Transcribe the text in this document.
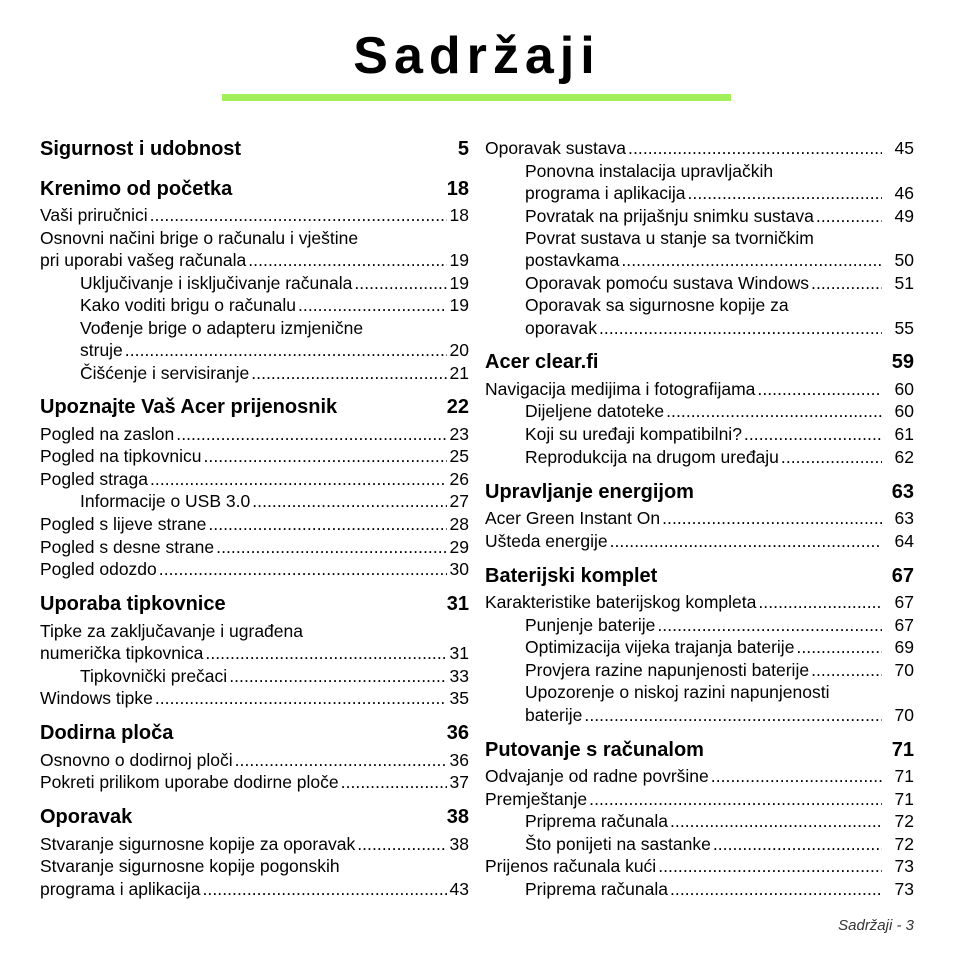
Sadržaji
Sigurnost i udobnost	5
Krenimo od početka	18
Vaši priručnici . . .	18
Osnovni načini brige o računalu i vještine
pri uporabi vašeg računala . . .	19
Uključivanje i isključivanje računala . . .	19
Kako voditi brigu o računalu . . .	19
Vođenje brige o adapteru izmjenične
struje . . .	20
Čišćenje i servisiranje . . .	21
Upoznajte Vaš Acer prijenosnik	22
Pogled na zaslon . . .	23
Pogled na tipkovnicu . . .	25
Pogled straga . . .	26
Informacije o USB 3.0 . . .	27
Pogled s lijeve strane . . .	28
Pogled s desne strane . . .	29
Pogled odozdo . . .	30
Uporaba tipkovnice	31
Tipke za zaključavanje i ugrađena
numerička tipkovnica . . .	31
Tipkovnički prečaci . . .	33
Windows tipke . . .	35
Dodirna ploča	36
Osnovno o dodirnoj ploči . . .	36
Pokreti prilikom uporabe dodirne ploče . . .	37
Oporavak	38
Stvaranje sigurnosne kopije za oporavak . . .	38
Stvaranje sigurnosne kopije pogonskih
programa i aplikacija . . .	43
Oporavak sustava . . .	45
Ponovna instalacija upravljačkih
programa i aplikacija . . .	46
Povratak na prijašnju snimku sustava . . .	49
Povrat sustava u stanje sa tvorničkim
postavkama . . .	50
Oporavak pomoću sustava Windows . . .	51
Oporavak sa sigurnosne kopije za
oporavak . . .	55
Acer clear.fi	59
Navigacija medijima i fotografijama . . .	60
Dijeljene datoteke . . .	60
Koji su uređaji kompatibilni? . . .	61
Reprodukcija na drugom uređaju . . .	62
Upravljanje energijom	63
Acer Green Instant On . . .	63
Ušteda energije . . .	64
Baterijski komplet	67
Karakteristike baterijskog kompleta . . .	67
Punjenje baterije . . .	67
Optimizacija vijeka trajanja baterije . . .	69
Provjera razine napunjenosti baterije . . .	70
Upozorenje o niskoj razini napunjenosti
baterije . . .	70
Putovanje s računalom	71
Odvajanje od radne površine . . .	71
Premještanje . . .	71
Priprema računala . . .	72
Što ponijeti na sastanke . . .	72
Prijenos računala kući . . .	73
Priprema računala . . .	73
Sadržaji - 3
